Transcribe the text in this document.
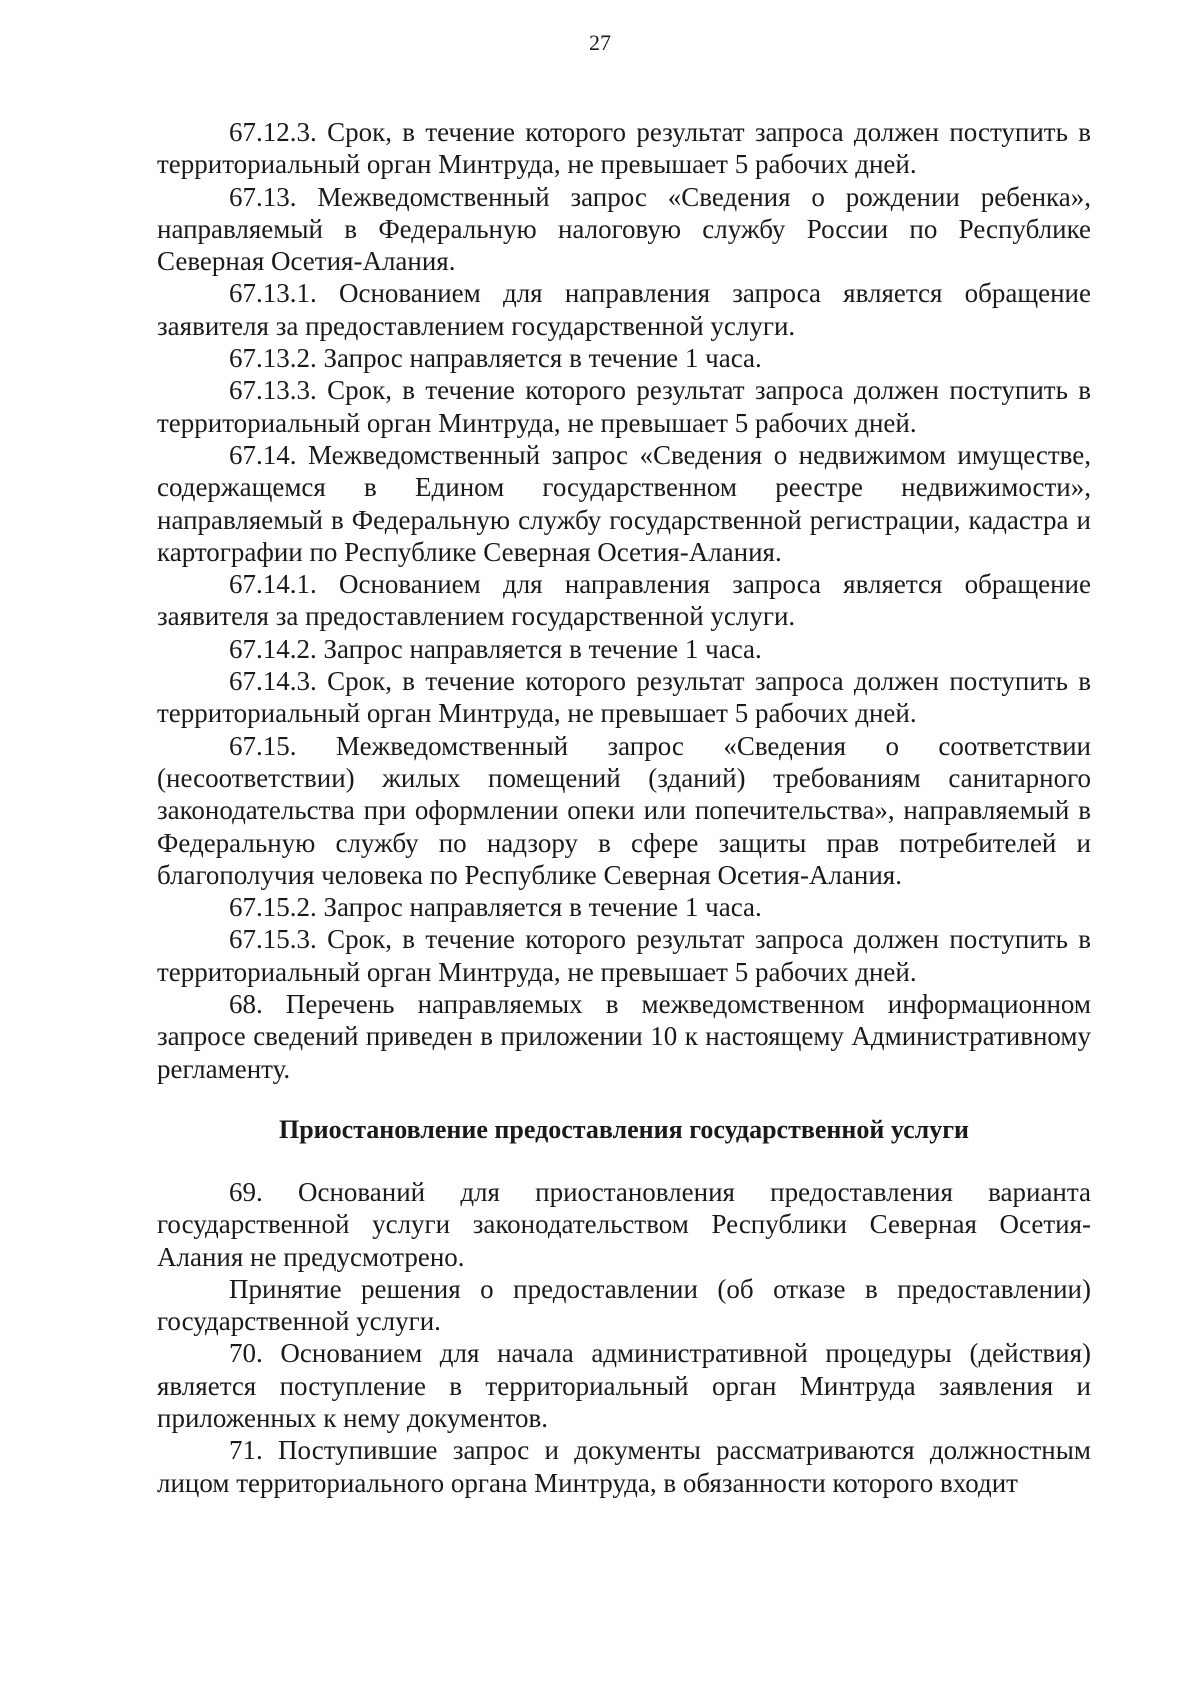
27

67.12.3. Срок, в течение которого результат запроса должен поступить в территориальный орган Минтруда, не превышает 5 рабочих дней.

67.13. Межведомственный запрос «Сведения о рождении ребенка», направляемый в Федеральную налоговую службу России по Республике Северная Осетия-Алания.

67.13.1. Основанием для направления запроса является обращение заявителя за предоставлением государственной услуги.

67.13.2. Запрос направляется в течение 1 часа.

67.13.3. Срок, в течение которого результат запроса должен поступить в территориальный орган Минтруда, не превышает 5 рабочих дней.

67.14. Межведомственный запрос «Сведения о недвижимом имуществе, содержащемся в Едином государственном реестре недвижимости», направляемый в Федеральную службу государственной регистрации, кадастра и картографии по Республике Северная Осетия-Алания.

67.14.1. Основанием для направления запроса является обращение заявителя за предоставлением государственной услуги.

67.14.2. Запрос направляется в течение 1 часа.

67.14.3. Срок, в течение которого результат запроса должен поступить в территориальный орган Минтруда, не превышает 5 рабочих дней.

67.15. Межведомственный запрос «Сведения о соответствии (несоответствии) жилых помещений (зданий) требованиям санитарного законодательства при оформлении опеки или попечительства», направляемый в Федеральную службу по надзору в сфере защиты прав потребителей и благополучия человека по Республике Северная Осетия-Алания.

67.15.2. Запрос направляется в течение 1 часа.

67.15.3. Срок, в течение которого результат запроса должен поступить в территориальный орган Минтруда, не превышает 5 рабочих дней.

68. Перечень направляемых в межведомственном информационном запросе сведений приведен в приложении 10 к настоящему Административному регламенту.

Приостановление предоставления государственной услуги

69. Оснований для приостановления предоставления варианта государственной услуги законодательством Республики Северная Осетия-Алания не предусмотрено.

Принятие решения о предоставлении (об отказе в предоставлении) государственной услуги.

70. Основанием для начала административной процедуры (действия) является поступление в территориальный орган Минтруда заявления и приложенных к нему документов.

71. Поступившие запрос и документы рассматриваются должностным лицом территориального органа Минтруда, в обязанности которого входит
